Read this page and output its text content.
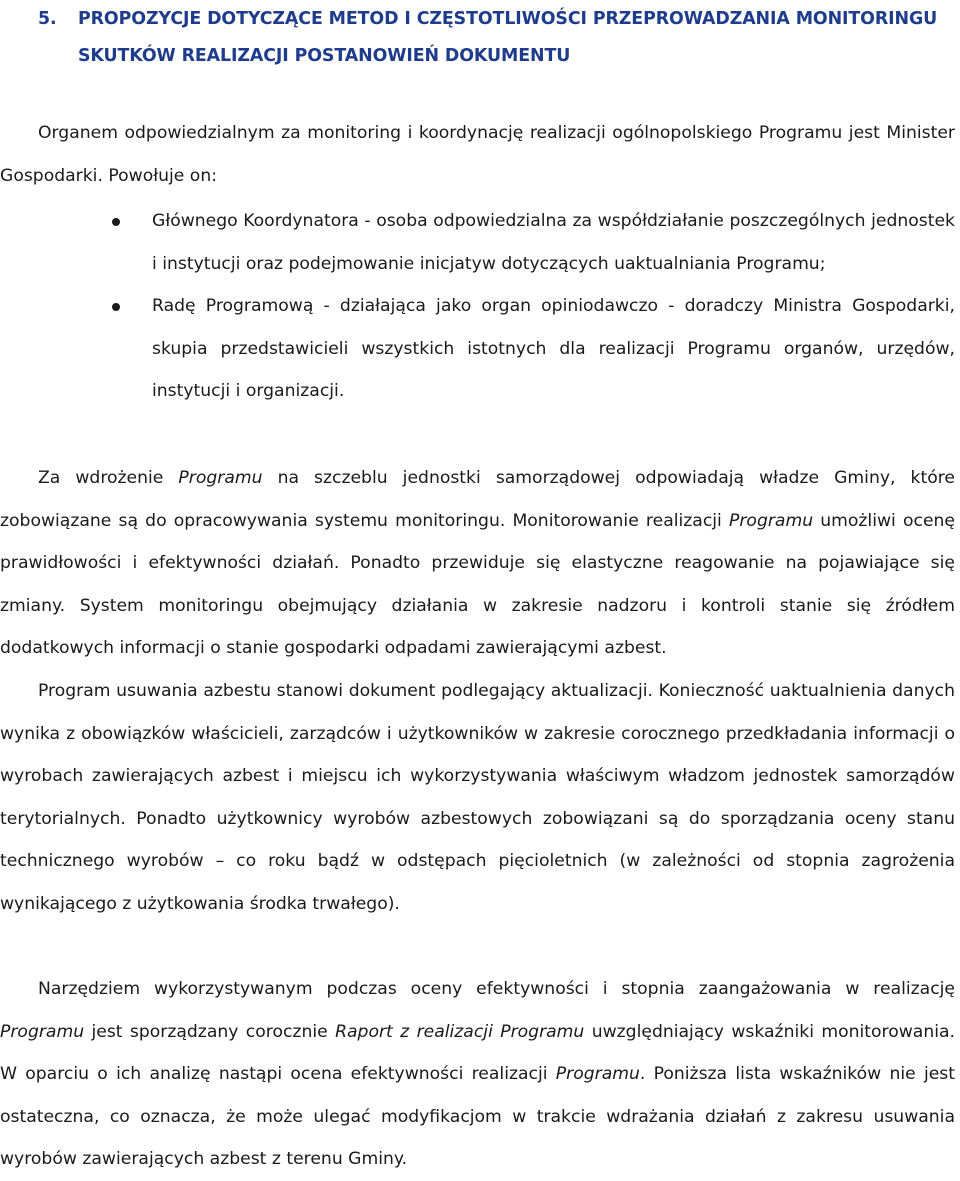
5. PROPOZYCJE DOTYCZĄCE METOD I CZĘSTOTLIWOŚCI PRZEPROWADZANIA MONITORINGU
SKUTKÓW REALIZACJI POSTANOWIEŃ DOKUMENTU

Organem odpowiedzialnym za monitoring i koordynację realizacji ogólnopolskiego Programu jest Minister Gospodarki. Powołuje on:

Głównego Koordynatora - osoba odpowiedzialna za współdziałanie poszczególnych jednostek i instytucji oraz podejmowanie inicjatyw dotyczących uaktualniania Programu;
Radę Programową - działająca jako organ opiniodawczo - doradczy Ministra Gospodarki, skupia przedstawicieli wszystkich istotnych dla realizacji Programu organów, urzędów, instytucji i organizacji.

Za wdrożenie Programu na szczeblu jednostki samorządowej odpowiadają władze Gminy, które zobowiązane są do opracowywania systemu monitoringu. Monitorowanie realizacji Programu umożliwi ocenę prawidłowości i efektywności działań. Ponadto przewiduje się elastyczne reagowanie na pojawiające się zmiany. System monitoringu obejmujący działania w zakresie nadzoru i kontroli stanie się źródłem dodatkowych informacji o stanie gospodarki odpadami zawierającymi azbest.

Program usuwania azbestu stanowi dokument podlegający aktualizacji. Konieczność uaktualnienia danych wynika z obowiązków właścicieli, zarządców i użytkowników w zakresie corocznego przedkładania informacji o wyrobach zawierających azbest i miejscu ich wykorzystywania właściwym władzom jednostek samorządów terytorialnych. Ponadto użytkownicy wyrobów azbestowych zobowiązani są do sporządzania oceny stanu technicznego wyrobów – co roku bądź w odstępach pięcioletnich (w zależności od stopnia zagrożenia wynikającego z użytkowania środka trwałego).

Narzędziem wykorzystywanym podczas oceny efektywności i stopnia zaangażowania w realizację Programu jest sporządzany corocznie Raport z realizacji Programu uwzględniający wskaźniki monitorowania. W oparciu o ich analizę nastąpi ocena efektywności realizacji Programu. Poniższa lista wskaźników nie jest ostateczna, co oznacza, że może ulegać modyfikacjom w trakcie wdrażania działań z zakresu usuwania wyrobów zawierających azbest z terenu Gminy.
